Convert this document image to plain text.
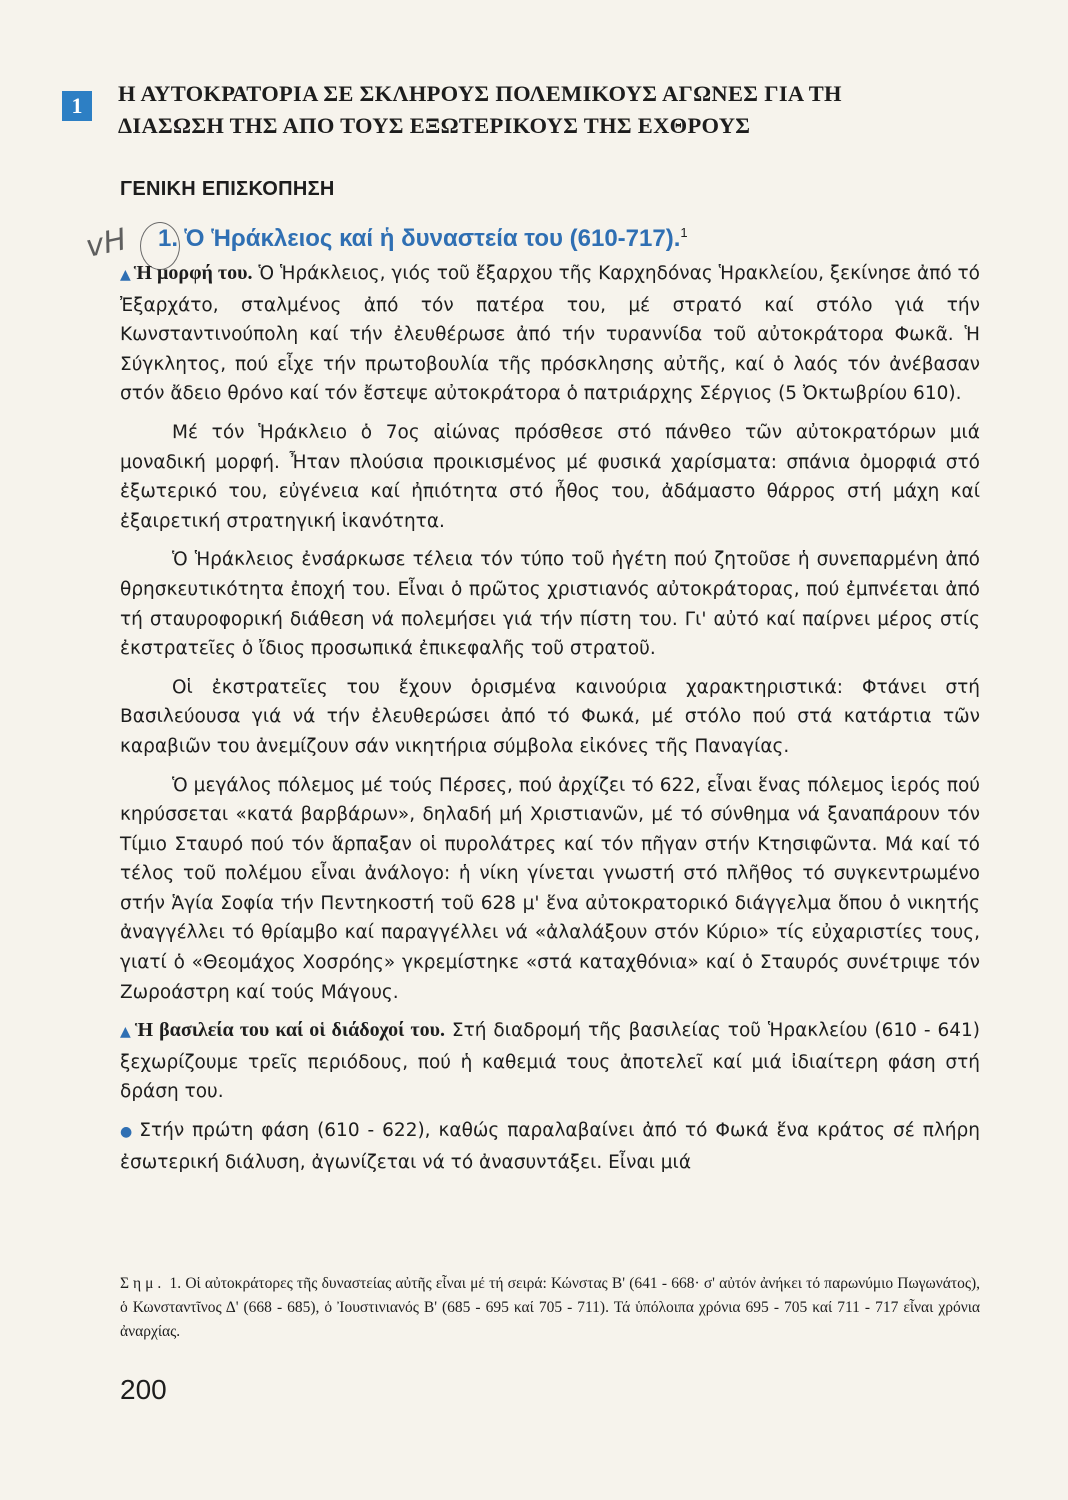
1	Η ΑΥΤΟΚΡΑΤΟΡΙΑ ΣΕ ΣΚΛΗΡΟΥΣ ΠΟΛΕΜΙΚΟΥΣ ΑΓΩΝΕΣ ΓΙΑ ΤΗ
ΔΙΑΣΩΣΗ ΤΗΣ ΑΠΟ ΤΟΥΣ ΕΞΩΤΕΡΙΚΟΥΣ ΤΗΣ ΕΧΘΡΟΥΣ
ΓΕΝΙΚΗ ΕΠΙΣΚΟΠΗΣΗ
vH 1. Ὁ Ἡράκλειος καί ἡ δυναστεία του (610-717).$^1$

▲ Ἡ μορφή του. Ὁ Ἡράκλειος, γιός τοῦ ἔξαρχου τῆς Καρχηδόνας Ἡρακλείου, ξεκίνησε ἀπό τό Ἐξαρχάτο, σταλμένος ἀπό τόν πατέρα του, μέ στρατό καί στόλο γιά τήν Κωνσταντινούπολη καί τήν ἐλευθέρωσε ἀπό τήν τυραννίδα τοῦ αὐτοκράτορα Φωκᾶ. Ἡ Σύγκλητος, πού εἶχε τήν πρωτοβουλία τῆς πρόσκλησης αὐτῆς, καί ὁ λαός τόν ἀνέβασαν στόν ἄδειο θρόνο καί τόν ἔστεψε αὐτοκράτορα ὁ πατριάρχης Σέργιος (5 Ὀκτωβρίου 610).

Μέ τόν Ἡράκλειο ὁ 7ος αἰώνας πρόσθεσε στό πάνθεο τῶν αὐτοκρατόρων μιά μοναδική μορφή. Ἦταν πλούσια προικισμένος μέ φυσικά χαρίσματα: σπάνια ὀμορφιά στό ἐξωτερικό του, εὐγένεια καί ἠπιότητα στό ἦθος του, ἀδάμαστο θάρρος στή μάχη καί ἐξαιρετική στρατηγική ἱκανότητα.

Ὁ Ἡράκλειος ἐνσάρκωσε τέλεια τόν τύπο τοῦ ἡγέτη πού ζητοῦσε ἡ συνεπαρμένη ἀπό θρησκευτικότητα ἐποχή του. Εἶναι ὁ πρῶτος χριστιανός αὐτοκράτορας, πού ἐμπνέεται ἀπό τή σταυροφορική διάθεση νά πολεμήσει γιά τήν πίστη του. Γι' αὐτό καί παίρνει μέρος στίς ἐκστρατεῖες ὁ ἴδιος προσωπικά ἐπικεφαλῆς τοῦ στρατοῦ.

Οἱ ἐκστρατεῖες του ἔχουν ὁρισμένα καινούρια χαρακτηριστικά: Φτάνει στή Βασιλεύουσα γιά νά τήν ἐλευθερώσει ἀπό τό Φωκά, μέ στόλο πού στά κατάρτια τῶν καραβιῶν του ἀνεμίζουν σάν νικητήρια σύμβολα εἰκόνες τῆς Παναγίας.

Ὁ μεγάλος πόλεμος μέ τούς Πέρσες, πού ἀρχίζει τό 622, εἶναι ἕνας πόλεμος ἱερός πού κηρύσσεται «κατά βαρβάρων», δηλαδή μή Χριστιανῶν, μέ τό σύνθημα νά ξαναπάρουν τόν Τίμιο Σταυρό πού τόν ἅρπαξαν οἱ πυρολάτρες καί τόν πῆγαν στήν Κτησιφῶντα. Μά καί τό τέλος τοῦ πολέμου εἶναι ἀνάλογο: ἡ νίκη γίνεται γνωστή στό πλῆθος τό συγκεντρωμένο στήν Ἁγία Σοφία τήν Πεντηκοστή τοῦ 628 μ' ἕνα αὐτοκρατορικό διάγγελμα ὅπου ὁ νικητής ἀναγγέλλει τό θρίαμβο καί παραγγέλλει νά «ἀλαλάξουν στόν Κύριο» τίς εὐχαριστίες τους, γιατί ὁ «Θεομάχος Χοσρόης» γκρεμίστηκε «στά καταχθόνια» καί ὁ Σταυρός συνέτριψε τόν Ζωροάστρη καί τούς Μάγους.

▲ Ἡ βασιλεία του καί οἱ διάδοχοί του. Στή διαδρομή τῆς βασιλείας τοῦ Ἡρακλείου (610 - 641) ξεχωρίζουμε τρεῖς περιόδους, πού ἡ καθεμιά τους ἀποτελεῖ καί μιά ἰδιαίτερη φάση στή δράση του.

● Στήν πρώτη φάση (610 - 622), καθώς παραλαβαίνει ἀπό τό Φωκά ἕνα κράτος σέ πλήρη ἐσωτερική διάλυση, ἀγωνίζεται νά τό ἀνασυντάξει. Εἶναι μιά

Σημ. 1. Οἱ αὐτοκράτορες τῆς δυναστείας αὐτῆς εἶναι μέ τή σειρά: Κώνστας Β' (641 - 668· σ' αὐτόν ἀνήκει τό παρωνύμιο Πωγωνάτος), ὁ Κωνσταντῖνος Δ' (668 - 685), ὁ Ἰουστινιανός Β' (685 - 695 καί 705 - 711). Τά ὑπόλοιπα χρόνια 695 - 705 καί 711 - 717 εἶναι χρόνια ἀναρχίας.

200
